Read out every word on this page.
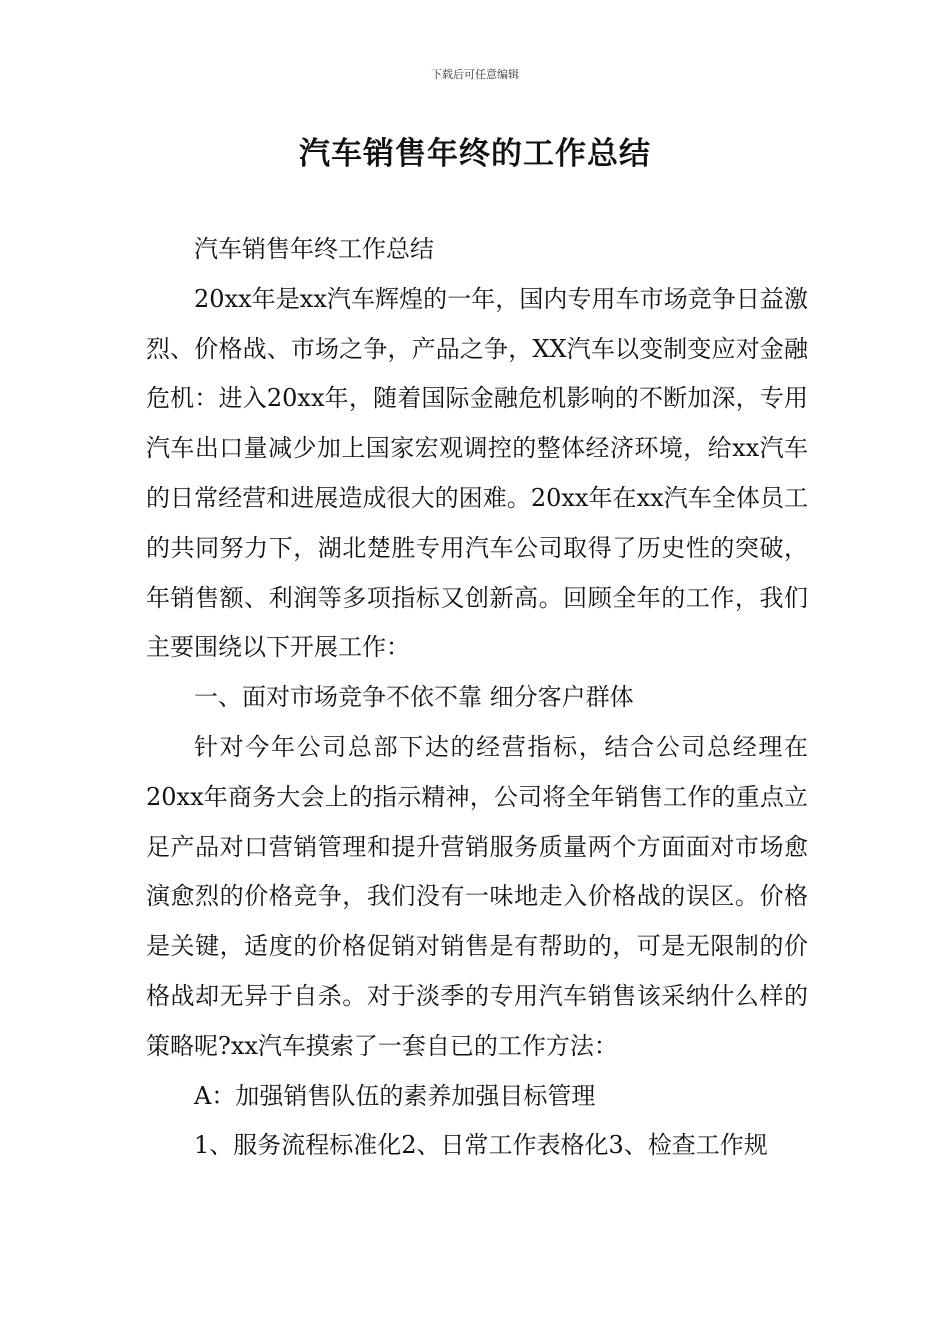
下载后可任意编辑
汽车销售年终的工作总结

汽车销售年终工作总结

20xx年是xx汽车辉煌的一年，国内专用车市场竞争日益激烈、价格战、市场之争，产品之争，XX汽车以变制变应对金融危机：进入20xx年，随着国际金融危机影响的不断加深，专用汽车出口量减少加上国家宏观调控的整体经济环境，给xx汽车的日常经营和进展造成很大的困难。20xx年在xx汽车全体员工的共同努力下，湖北楚胜专用汽车公司取得了历史性的突破，年销售额、利润等多项指标又创新高。回顾全年的工作，我们主要围绕以下开展工作：

一、面对市场竞争不依不靠 细分客户群体

针对今年公司总部下达的经营指标，结合公司总经理在20xx年商务大会上的指示精神，公司将全年销售工作的重点立足产品对口营销管理和提升营销服务质量两个方面面对市场愈演愈烈的价格竞争，我们没有一味地走入价格战的误区。价格是关键，适度的价格促销对销售是有帮助的，可是无限制的价格战却无异于自杀。对于淡季的专用汽车销售该采纳什么样的策略呢?xx汽车摸索了一套自已的工作方法：

A：加强销售队伍的素养加强目标管理

1、服务流程标准化2、日常工作表格化3、检查工作规
